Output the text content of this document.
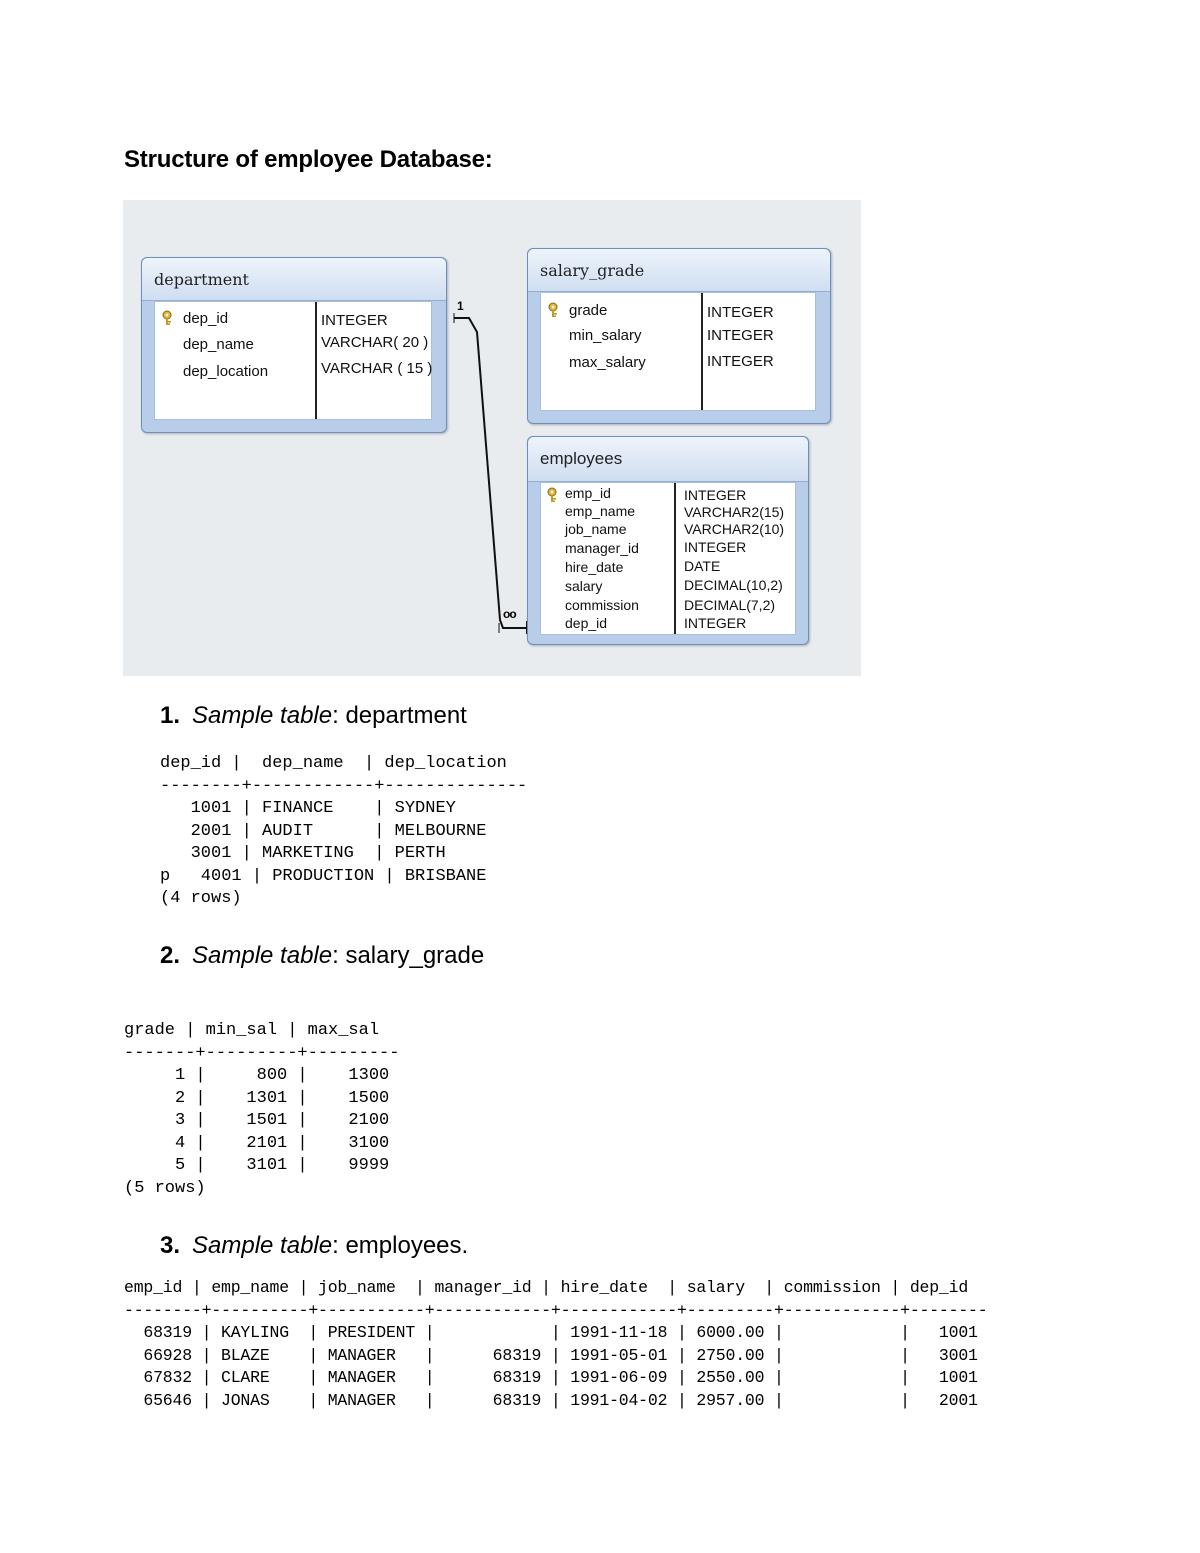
Structure of employee Database:
1
oo
department
dep_id	INTEGER
dep_name	VARCHAR( 20 )
dep_location	VARCHAR ( 15 )
salary_grade
grade	INTEGER
min_salary	INTEGER
max_salary	INTEGER
employees
emp_id	INTEGER
emp_name	VARCHAR2(15)
job_name	VARCHAR2(10)
manager_id	INTEGER
hire_date	DATE
salary	DECIMAL(10,2)
commission	DECIMAL(7,2)
dep_id	INTEGER
1. Sample table: department
dep_id |  dep_name  | dep_location
--------+------------+--------------
1001 | FINANCE    | SYDNEY
2001 | AUDIT      | MELBOURNE
3001 | MARKETING  | PERTH
p   4001 | PRODUCTION | BRISBANE
(4 rows)
2. Sample table: salary_grade
grade | min_sal | max_sal
-------+---------+---------
1 |     800 |    1300
2 |    1301 |    1500
3 |    1501 |    2100
4 |    2101 |    3100
5 |    3101 |    9999
(5 rows)
3. Sample table: employees.
emp_id | emp_name | job_name  | manager_id | hire_date  | salary  | commission | dep_id
--------+----------+-----------+------------+------------+---------+------------+--------
68319 | KAYLING  | PRESIDENT |            | 1991-11-18 | 6000.00 |            |   1001
66928 | BLAZE    | MANAGER   |      68319 | 1991-05-01 | 2750.00 |            |   3001
67832 | CLARE    | MANAGER   |      68319 | 1991-06-09 | 2550.00 |            |   1001
65646 | JONAS    | MANAGER   |      68319 | 1991-04-02 | 2957.00 |            |   2001
